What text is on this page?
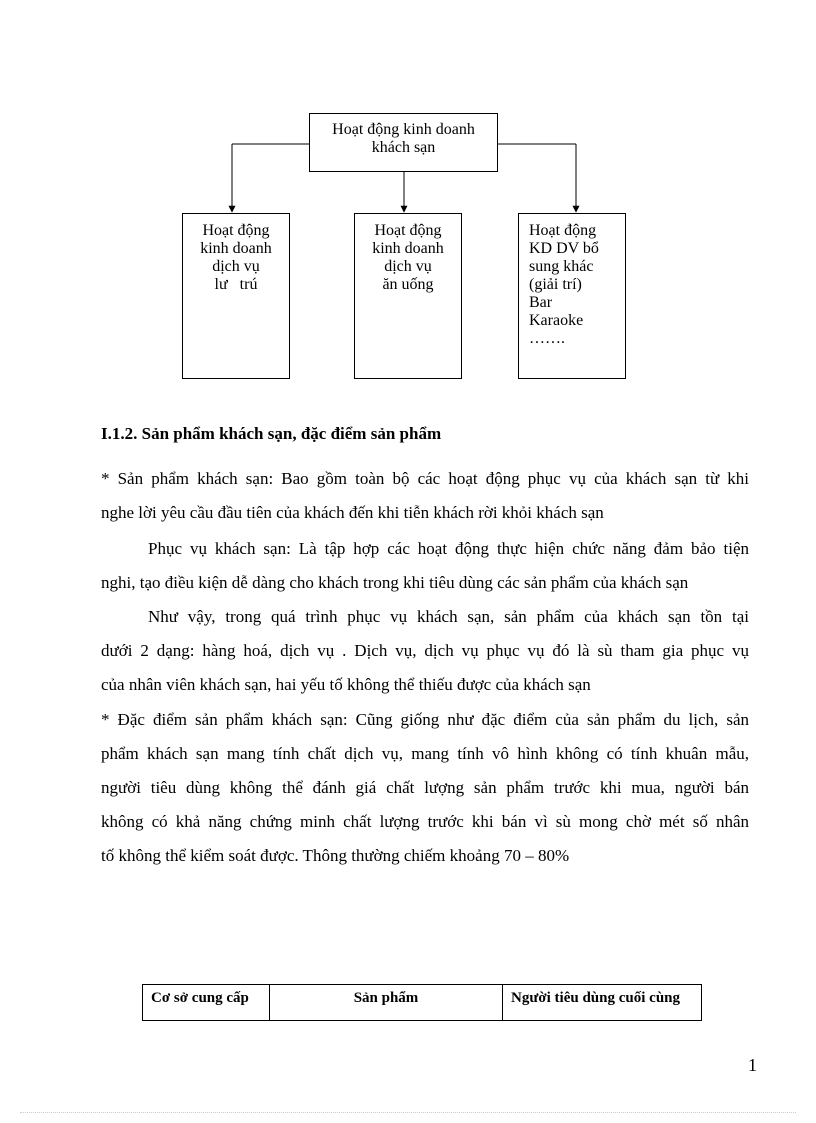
Hoạt động kinh doanh
khách sạn
Hoạt động
kinh doanh
dịch vụ
lư   trú
Hoạt động
kinh doanh
dịch vụ
ăn uống
Hoạt động
KD DV bổ
sung khác
(giải trí)
Bar
Karaoke
…….
I.1.2. Sản phẩm khách sạn, đặc điểm sản phẩm
* Sản phẩm khách sạn: Bao gồm toàn bộ các hoạt động phục vụ của khách sạn từ khi
nghe lời yêu cầu đầu tiên của khách đến khi tiễn khách rời khỏi khách sạn
Phục vụ khách sạn: Là tập hợp các hoạt động thực hiện chức năng đảm bảo tiện
nghi, tạo điều kiện dễ dàng cho khách trong khi tiêu dùng các sản phẩm của khách sạn
Như vậy, trong quá trình phục vụ khách sạn, sản phẩm của khách sạn tồn tại
dưới 2 dạng: hàng hoá, dịch vụ . Dịch vụ, dịch vụ phục vụ đó là sù tham gia phục vụ
của nhân viên khách sạn, hai yếu tố không thể thiếu được của khách sạn
* Đặc điểm sản phẩm khách sạn: Cũng giống như đặc điểm của sản phẩm du lịch, sản
phẩm khách sạn mang tính chất dịch vụ, mang tính vô hình không có tính khuân mẫu,
người tiêu dùng không thể đánh giá chất lượng sản phẩm trước khi mua, người bán
không có khả năng chứng minh chất lượng trước khi bán vì sù mong chờ mét số nhân
tố không thể kiểm soát được. Thông thường chiếm khoảng 70 – 80%
Cơ sở cung cấp	Sản phẩm	Người tiêu dùng cuối cùng
1
